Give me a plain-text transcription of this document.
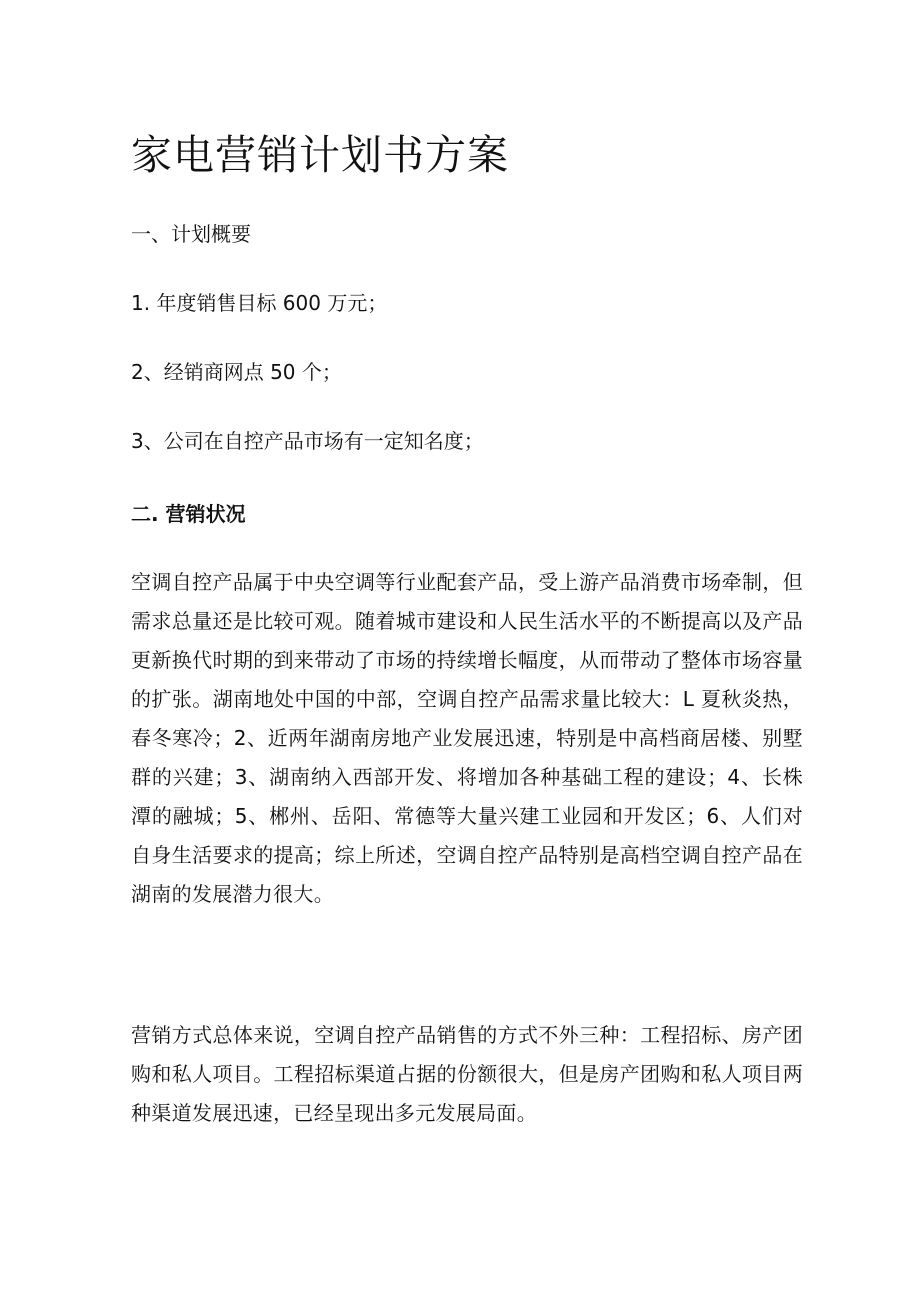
家电营销计划书方案

一、计划概要

1. 年度销售目标 600 万元；

2、经销商网点 50 个；

3、公司在自控产品市场有一定知名度；

二. 营销状况

空调自控产品属于中央空调等行业配套产品，受上游产品消费市场牵制，但需求总量还是比较可观。随着城市建设和人民生活水平的不断提高以及产品更新换代时期的到来带动了市场的持续增长幅度，从而带动了整体市场容量的扩张。湖南地处中国的中部，空调自控产品需求量比较大：L 夏秋炎热，春冬寒冷；2、近两年湖南房地产业发展迅速，特别是中高档商居楼、别墅群的兴建；3、湖南纳入西部开发、将增加各种基础工程的建设；4、长株潭的融城；5、郴州、岳阳、常德等大量兴建工业园和开发区；6、人们对自身生活要求的提高；综上所述，空调自控产品特别是高档空调自控产品在湖南的发展潜力很大。

营销方式总体来说，空调自控产品销售的方式不外三种：工程招标、房产团购和私人项目。工程招标渠道占据的份额很大，但是房产团购和私人项目两种渠道发展迅速，已经呈现出多元发展局面。
